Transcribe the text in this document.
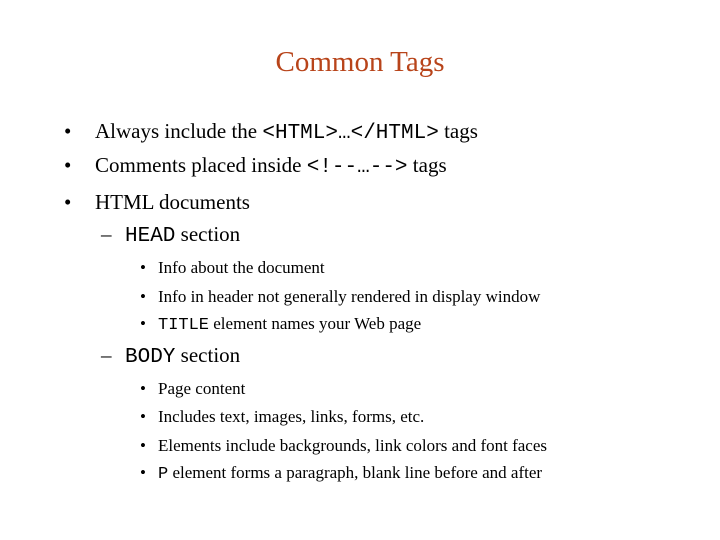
Common Tags
• Always include the <HTML>…</HTML> tags
• Comments placed inside <!--…--> tags
• HTML documents
– HEAD section
• Info about the document
• Info in header not generally rendered in display window
• TITLE element names your Web page
– BODY section
• Page content
• Includes text, images, links, forms, etc.
• Elements include backgrounds, link colors and font faces
• P element forms a paragraph, blank line before and after
